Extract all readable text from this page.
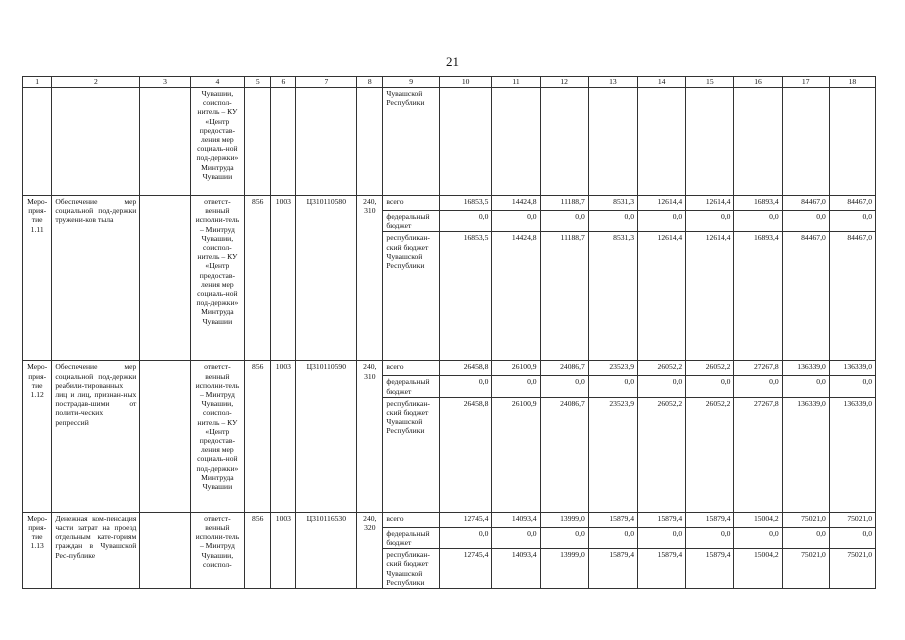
21
1	2	3	4	5	6	7	8	9	10	11	12	13	14	15	16	17	18
			Чувашии, соиспол-нитель – КУ «Центр предостав-ления мер социаль-ной под-держки» Минтруда Чувашии					Чувашской Республики									
Меро-прия-тие 1.11	Обеспечение мер социальной под-держки тружени-ков тыла		ответст-венный исполни-тель – Минтруд Чувашии, соиспол-нитель – КУ «Центр предостав-ления мер социаль-ной под-держки» Минтруда Чувашии	856	1003	Ц310110580	240, 310	всего	16853,5	14424,8	11188,7	8531,3	12614,4	12614,4	16893,4	84467,0	84467,0
								федеральный бюджет	0,0	0,0	0,0	0,0	0,0	0,0	0,0	0,0	0,0
								республикан-ский бюджет Чувашской Республики	16853,5	14424,8	11188,7	8531,3	12614,4	12614,4	16893,4	84467,0	84467,0
Меро-прия-тие 1.12	Обеспечение мер социальной под-держки реабили-тированных лиц и лиц, признан-ных пострадав-шими от полити-ческих репрессий		ответст-венный исполни-тель – Минтруд Чувашии, соиспол-нитель – КУ «Центр предостав-ления мер социаль-ной под-держки» Минтруда Чувашии	856	1003	Ц310110590	240, 310	всего	26458,8	26100,9	24086,7	23523,9	26052,2	26052,2	27267,8	136339,0	136339,0
								федеральный бюджет	0,0	0,0	0,0	0,0	0,0	0,0	0,0	0,0	0,0
								республикан-ский бюджет Чувашской Республики	26458,8	26100,9	24086,7	23523,9	26052,2	26052,2	27267,8	136339,0	136339,0
Меро-прия-тие 1.13	Денежная ком-пенсация части затрат на проезд отдельным кате-гориям граждан в Чувашской Рес-публике		ответст-венный исполни-тель – Минтруд Чувашии, соиспол-	856	1003	Ц310116530	240, 320	всего	12745,4	14093,4	13999,0	15879,4	15879,4	15879,4	15004,2	75021,0	75021,0
								федеральный бюджет	0,0	0,0	0,0	0,0	0,0	0,0	0,0	0,0	0,0
								республикан-ский бюджет Чувашской Республики	12745,4	14093,4	13999,0	15879,4	15879,4	15879,4	15004,2	75021,0	75021,0
